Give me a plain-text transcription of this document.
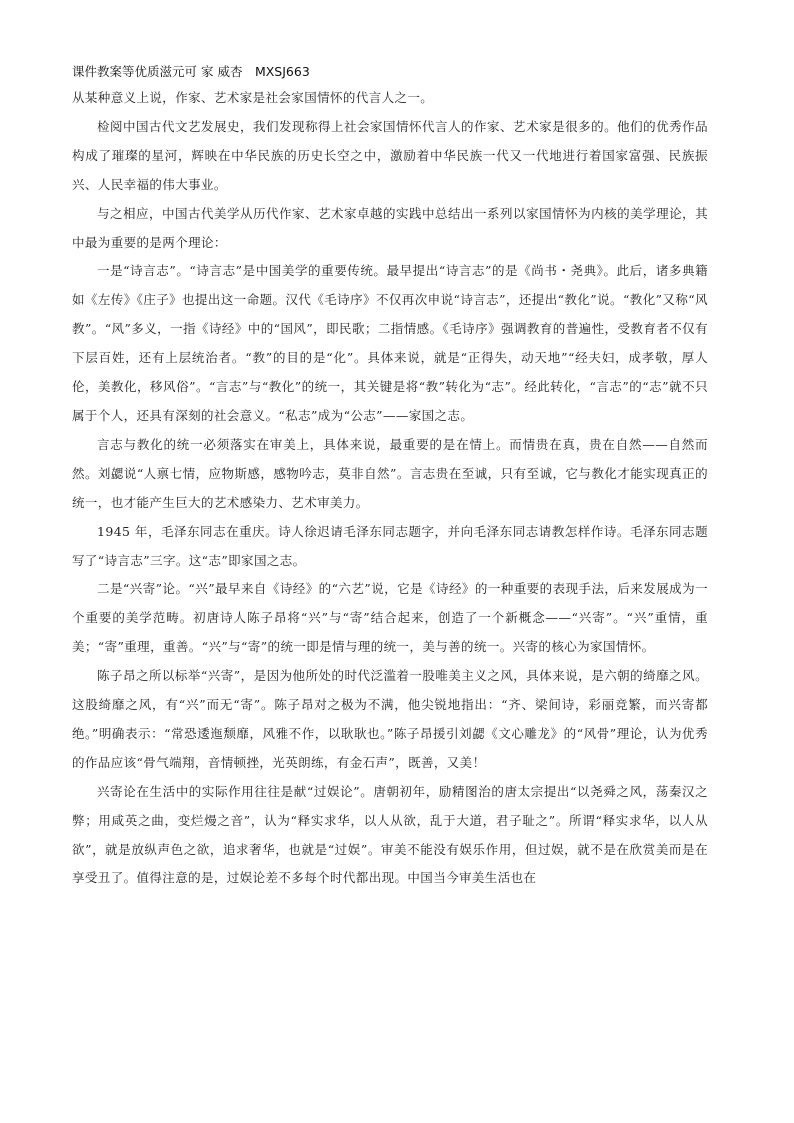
课件教案等优质滋元可 家 威杏　MXSJ663

从某种意义上说，作家、艺术家是社会家国情怀的代言人之一。

检阅中国古代文艺发展史，我们发现称得上社会家国情怀代言人的作家、艺术家是很多的。他们的优秀作品构成了璀璨的星河，辉映在中华民族的历史长空之中，激励着中华民族一代又一代地进行着国家富强、民族振兴、人民幸福的伟大事业。

与之相应，中国古代美学从历代作家、艺术家卓越的实践中总结出一系列以家国情怀为内核的美学理论，其中最为重要的是两个理论：

一是“诗言志”。“诗言志”是中国美学的重要传统。最早提出“诗言志”的是《尚书・尧典》。此后，诸多典籍如《左传》《庄子》也提出这一命题。汉代《毛诗序》不仅再次申说“诗言志”，还提出“教化”说。“教化”又称“风教”。“风”多义，一指《诗经》中的“国风”，即民歌；二指情感。《毛诗序》强调教育的普遍性，受教育者不仅有下层百姓，还有上层统治者。“教”的目的是“化”。具体来说，就是“正得失，动天地”“经夫妇，成孝敬，厚人伦，美教化，移风俗”。“言志”与“教化”的统一，其关键是将“教”转化为“志”。经此转化，“言志”的“志”就不只属于个人，还具有深刻的社会意义。“私志”成为“公志”——家国之志。

言志与教化的统一必须落实在审美上，具体来说，最重要的是在情上。而情贵在真，贵在自然——自然而然。刘勰说“人禀七情，应物斯感，感物吟志，莫非自然”。言志贵在至诚，只有至诚，它与教化才能实现真正的统一，也才能产生巨大的艺术感染力、艺术审美力。

1945 年，毛泽东同志在重庆。诗人徐迟请毛泽东同志题字，并向毛泽东同志请教怎样作诗。毛泽东同志题写了“诗言志”三字。这“志”即家国之志。

二是“兴寄”论。“兴”最早来自《诗经》的“六艺”说，它是《诗经》的一种重要的表现手法，后来发展成为一个重要的美学范畴。初唐诗人陈子昂将“兴”与“寄”结合起来，创造了一个新概念——“兴寄”。“兴”重情，重美；“寄”重理，重善。“兴”与“寄”的统一即是情与理的统一，美与善的统一。兴寄的核心为家国情怀。

陈子昂之所以标举“兴寄”，是因为他所处的时代泛滥着一股唯美主义之风，具体来说，是六朝的绮靡之风。这股绮靡之风，有“兴”而无“寄”。陈子昂对之极为不满，他尖锐地指出：“齐、梁间诗，彩丽竞繁，而兴寄都绝。”明确表示：“常恐逶迤颓靡，风雅不作，以耿耿也。”陈子昂援引刘勰《文心雕龙》的“风骨”理论，认为优秀的作品应该“骨气端翔，音情顿挫，光英朗练，有金石声”，既善，又美！

兴寄论在生活中的实际作用往往是献“过娱论”。唐朝初年，励精图治的唐太宗提出“以尧舜之风，荡秦汉之弊；用咸英之曲，变烂熳之音”，认为“释实求华，以人从欲，乱于大道，君子耻之”。所谓“释实求华，以人从欲”，就是放纵声色之欲，追求奢华，也就是“过娱”。审美不能没有娱乐作用，但过娱，就不是在欣赏美而是在享受丑了。值得注意的是，过娱论差不多每个时代都出现。中国当今审美生活也在
